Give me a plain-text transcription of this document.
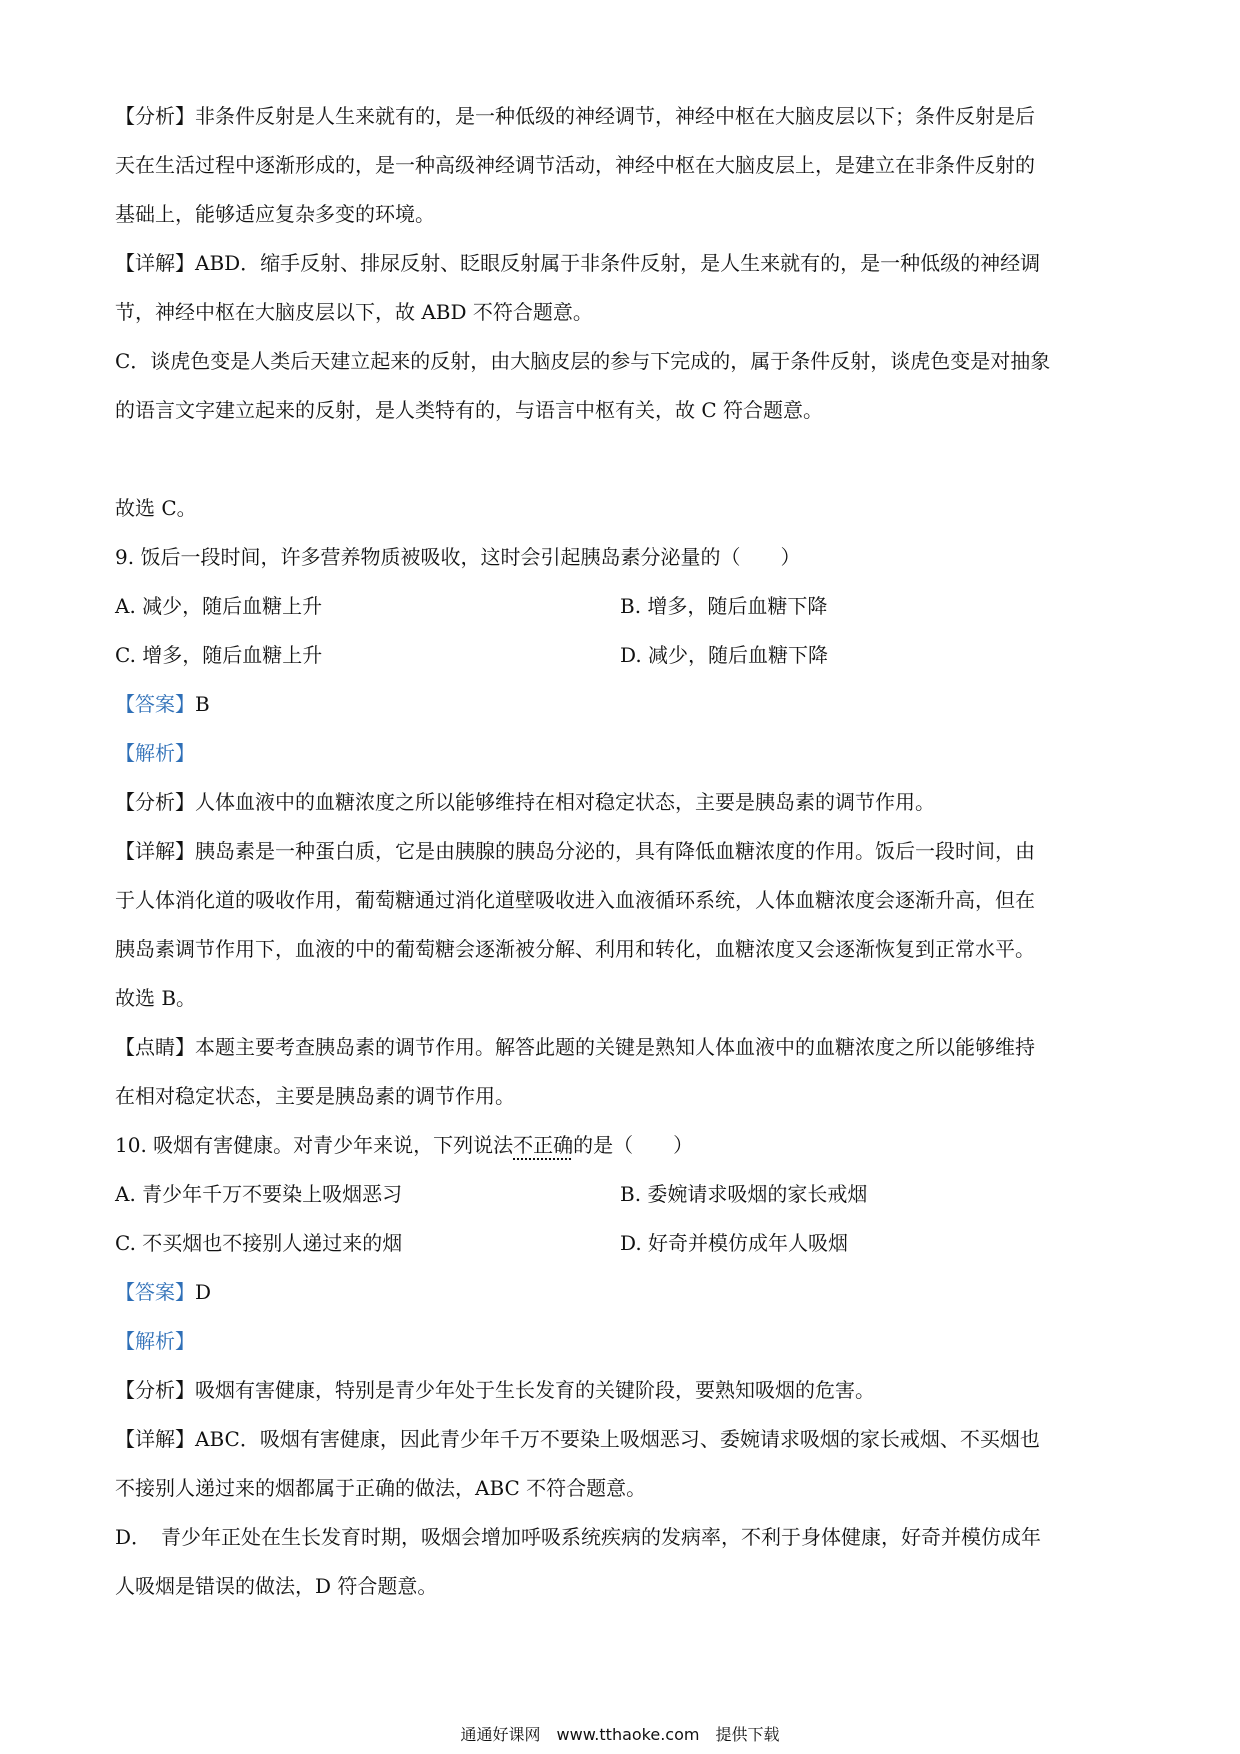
【分析】非条件反射是人生来就有的，是一种低级的神经调节，神经中枢在大脑皮层以下；条件反射是后

天在生活过程中逐渐形成的，是一种高级神经调节活动，神经中枢在大脑皮层上，是建立在非条件反射的

基础上，能够适应复杂多变的环境。

【详解】ABD．缩手反射、排尿反射、眨眼反射属于非条件反射，是人生来就有的，是一种低级的神经调

节，神经中枢在大脑皮层以下，故 ABD 不符合题意。

C．谈虎色变是人类后天建立起来的反射，由大脑皮层的参与下完成的，属于条件反射，谈虎色变是对抽象

的语言文字建立起来的反射，是人类特有的，与语言中枢有关，故 C 符合题意。

故选 C。

9. 饭后一段时间，许多营养物质被吸收，这时会引起胰岛素分泌量的（　　）

A. 减少，随后血糖上升	B. 增多，随后血糖下降
C. 增多，随后血糖上升	D. 减少，随后血糖下降

【答案】B

【解析】

【分析】人体血液中的血糖浓度之所以能够维持在相对稳定状态，主要是胰岛素的调节作用。

【详解】胰岛素是一种蛋白质，它是由胰腺的胰岛分泌的，具有降低血糖浓度的作用。饭后一段时间，由

于人体消化道的吸收作用，葡萄糖通过消化道壁吸收进入血液循环系统，人体血糖浓度会逐渐升高，但在

胰岛素调节作用下，血液的中的葡萄糖会逐渐被分解、利用和转化，血糖浓度又会逐渐恢复到正常水平。

故选 B。

【点睛】本题主要考查胰岛素的调节作用。解答此题的关键是熟知人体血液中的血糖浓度之所以能够维持

在相对稳定状态，主要是胰岛素的调节作用。

10. 吸烟有害健康。对青少年来说，下列说法不正确的是（　　）

A. 青少年千万不要染上吸烟恶习	B. 委婉请求吸烟的家长戒烟
C. 不买烟也不接别人递过来的烟	D. 好奇并模仿成年人吸烟

【答案】D

【解析】

【分析】吸烟有害健康，特别是青少年处于生长发育的关键阶段，要熟知吸烟的危害。

【详解】ABC．吸烟有害健康，因此青少年千万不要染上吸烟恶习、委婉请求吸烟的家长戒烟、不买烟也

不接别人递过来的烟都属于正确的做法，ABC 不符合题意。

D．　青少年正处在生长发育时期，吸烟会增加呼吸系统疾病的发病率，不利于身体健康，好奇并模仿成年

人吸烟是错误的做法，D 符合题意。

通通好课网　www.tthaoke.com　提供下载
